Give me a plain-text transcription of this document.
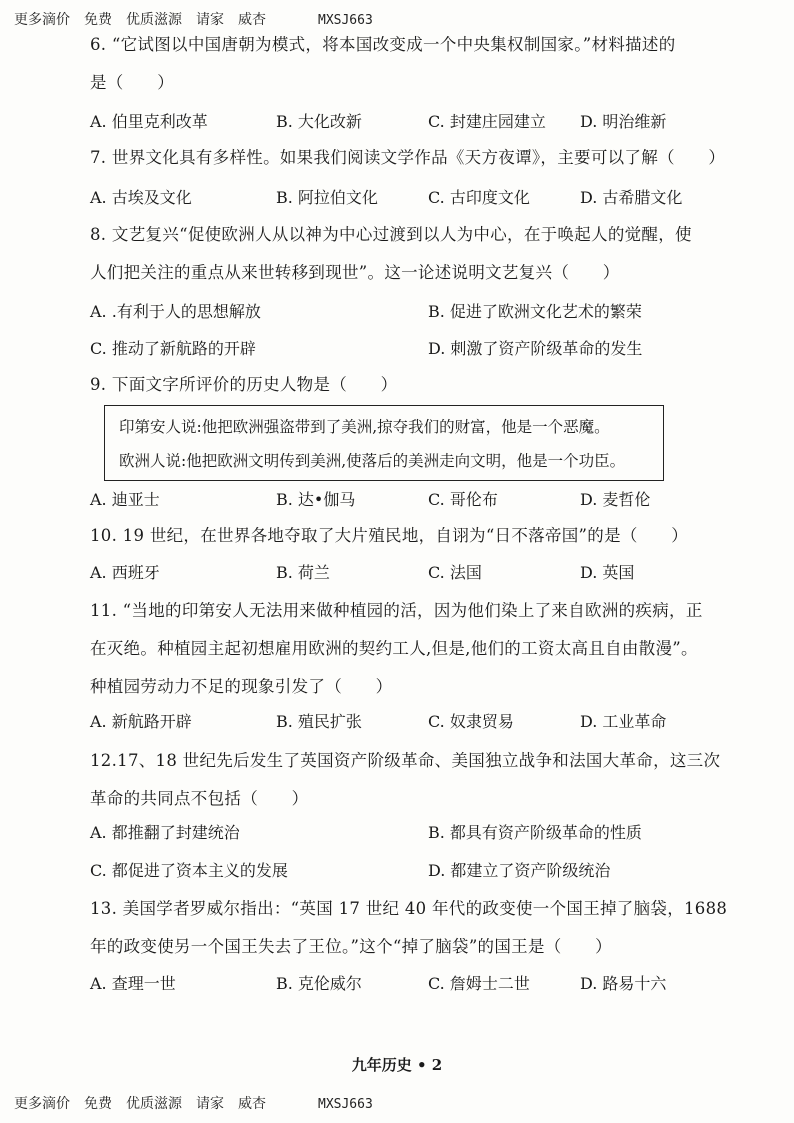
更多滴价 免费 优质滋源 请家 威杏	MXSJ663
6. “它试图以中国唐朝为模式，将本国改变成一个中央集权制国家。”材料描述的
是（　　）
A. 伯里克利改革	B. 大化改新	C. 封建庄园建立 D. 明治维新
7. 世界文化具有多样性。如果我们阅读文学作品《天方夜谭》，主要可以了解（　　）
A. 古埃及文化	B. 阿拉伯文化	C. 古印度文化	D. 古希腊文化
8. 文艺复兴“促使欧洲人从以神为中心过渡到以人为中心，在于唤起人的觉醒，使
人们把关注的重点从来世转移到现世”。这一论述说明文艺复兴（　　）
A. .有利于人的思想解放	B. 促进了欧洲文化艺术的繁荣
C. 推动了新航路的开辟	D. 刺激了资产阶级革命的发生
9. 下面文字所评价的历史人物是（　　）
印第安人说:他把欧洲强盗带到了美洲,掠夺我们的财富，他是一个恶魔。
欧洲人说:他把欧洲文明传到美洲,使落后的美洲走向文明，他是一个功臣。
A. 迪亚士	B. 达•伽马	C. 哥伦布	D. 麦哲伦
10. 19 世纪，在世界各地夺取了大片殖民地，自诩为“日不落帝国”的是（　　）
A. 西班牙	B. 荷兰	C. 法国	D. 英国
11. “当地的印第安人无法用来做种植园的活，因为他们染上了来自欧洲的疾病，正
在灭绝。种植园主起初想雇用欧洲的契约工人,但是,他们的工资太高且自由散漫”。
种植园劳动力不足的现象引发了（　　）
A. 新航路开辟	B. 殖民扩张	C. 奴隶贸易	D. 工业革命
12.17、18 世纪先后发生了英国资产阶级革命、美国独立战争和法国大革命，这三次
革命的共同点不包括（　　）
A. 都推翻了封建统治	B. 都具有资产阶级革命的性质
C. 都促进了资本主义的发展	D. 都建立了资产阶级统治
13. 美国学者罗威尔指出：“英国 17 世纪 40 年代的政变使一个国王掉了脑袋，1688
年的政变使另一个国王失去了王位。”这个“掉了脑袋”的国王是（　　）
A. 查理一世	B. 克伦威尔	C. 詹姆士二世	D. 路易十六
九年历史 • 2
更多滴价 免费 优质滋源 请家 威杏	MXSJ663
